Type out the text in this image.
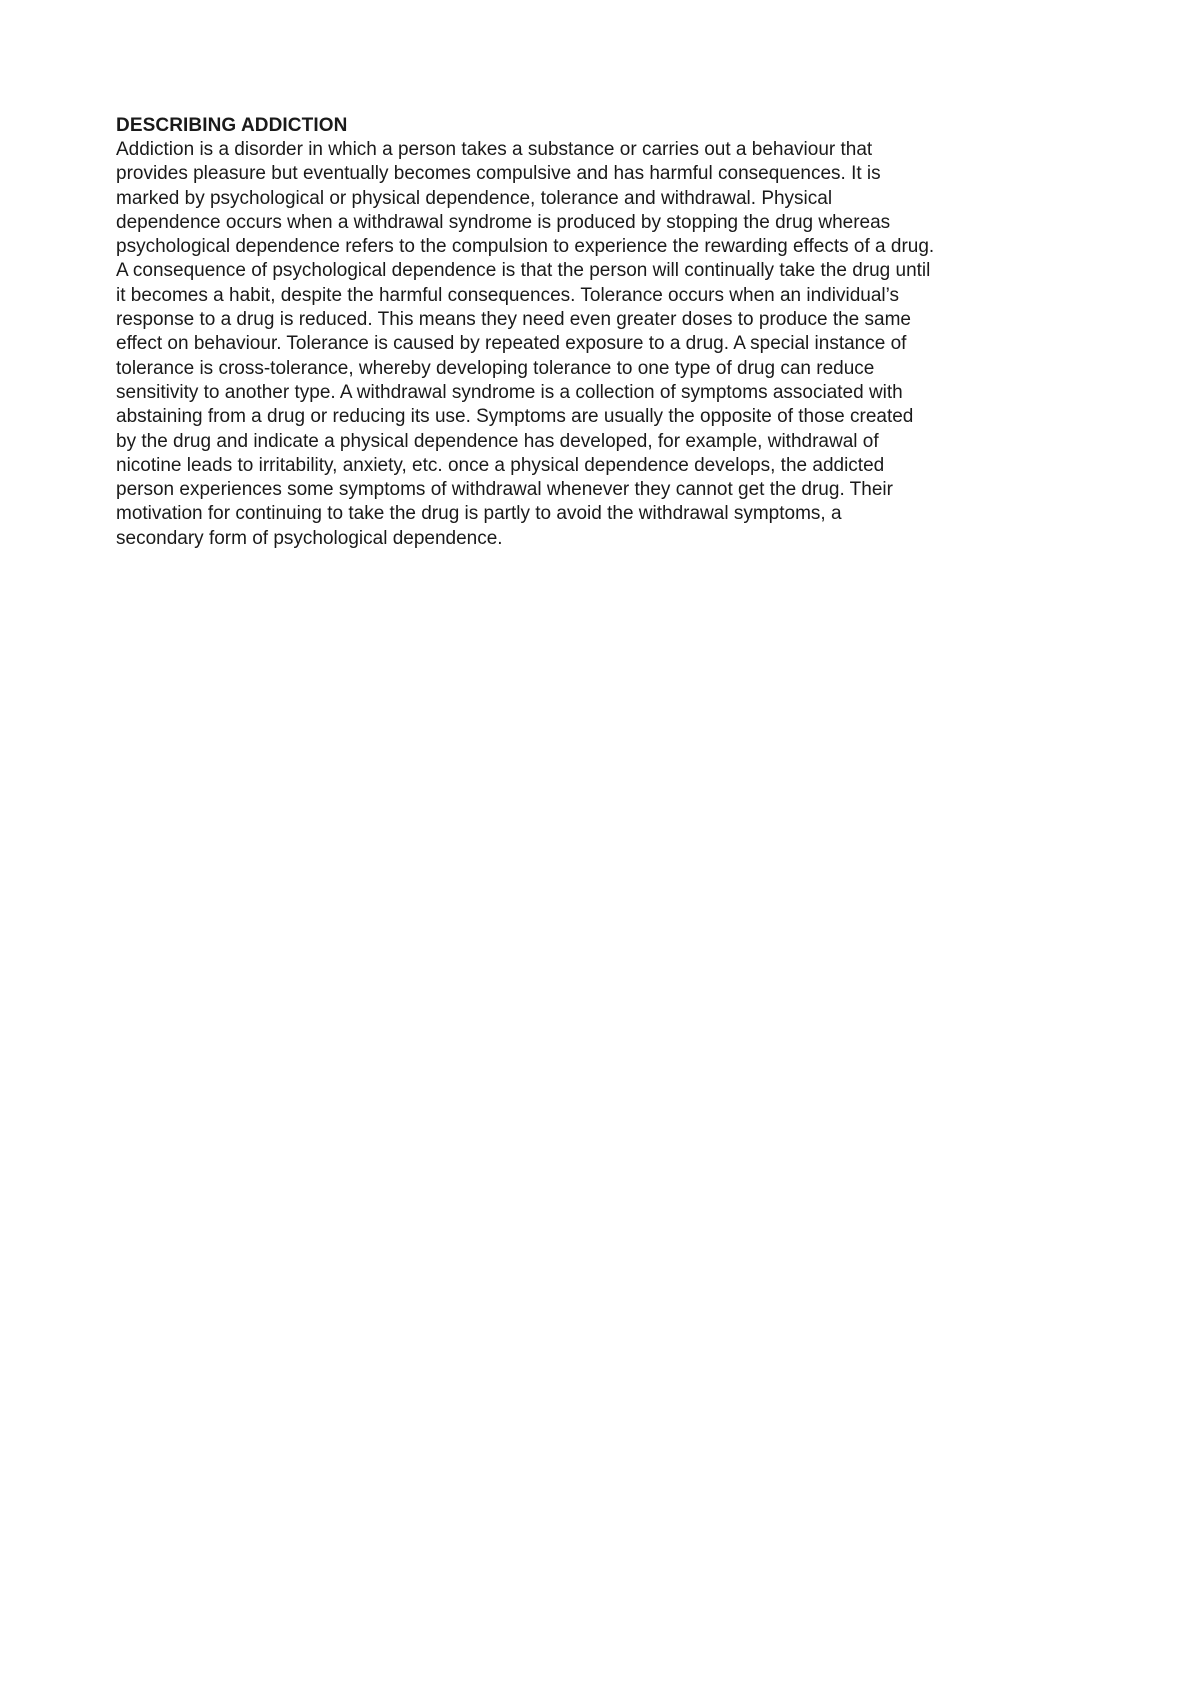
DESCRIBING ADDICTION

Addiction is a disorder in which a person takes a substance or carries out a behaviour that
provides pleasure but eventually becomes compulsive and has harmful consequences. It is
marked by psychological or physical dependence, tolerance and withdrawal. Physical
dependence occurs when a withdrawal syndrome is produced by stopping the drug whereas
psychological dependence refers to the compulsion to experience the rewarding effects of a drug.
A consequence of psychological dependence is that the person will continually take the drug until
it becomes a habit, despite the harmful consequences. Tolerance occurs when an individual’s
response to a drug is reduced. This means they need even greater doses to produce the same
effect on behaviour. Tolerance is caused by repeated exposure to a drug. A special instance of
tolerance is cross-tolerance, whereby developing tolerance to one type of drug can reduce
sensitivity to another type. A withdrawal syndrome is a collection of symptoms associated with
abstaining from a drug or reducing its use. Symptoms are usually the opposite of those created
by the drug and indicate a physical dependence has developed, for example, withdrawal of
nicotine leads to irritability, anxiety, etc. once a physical dependence develops, the addicted
person experiences some symptoms of withdrawal whenever they cannot get the drug. Their
motivation for continuing to take the drug is partly to avoid the withdrawal symptoms, a
secondary form of psychological dependence.
